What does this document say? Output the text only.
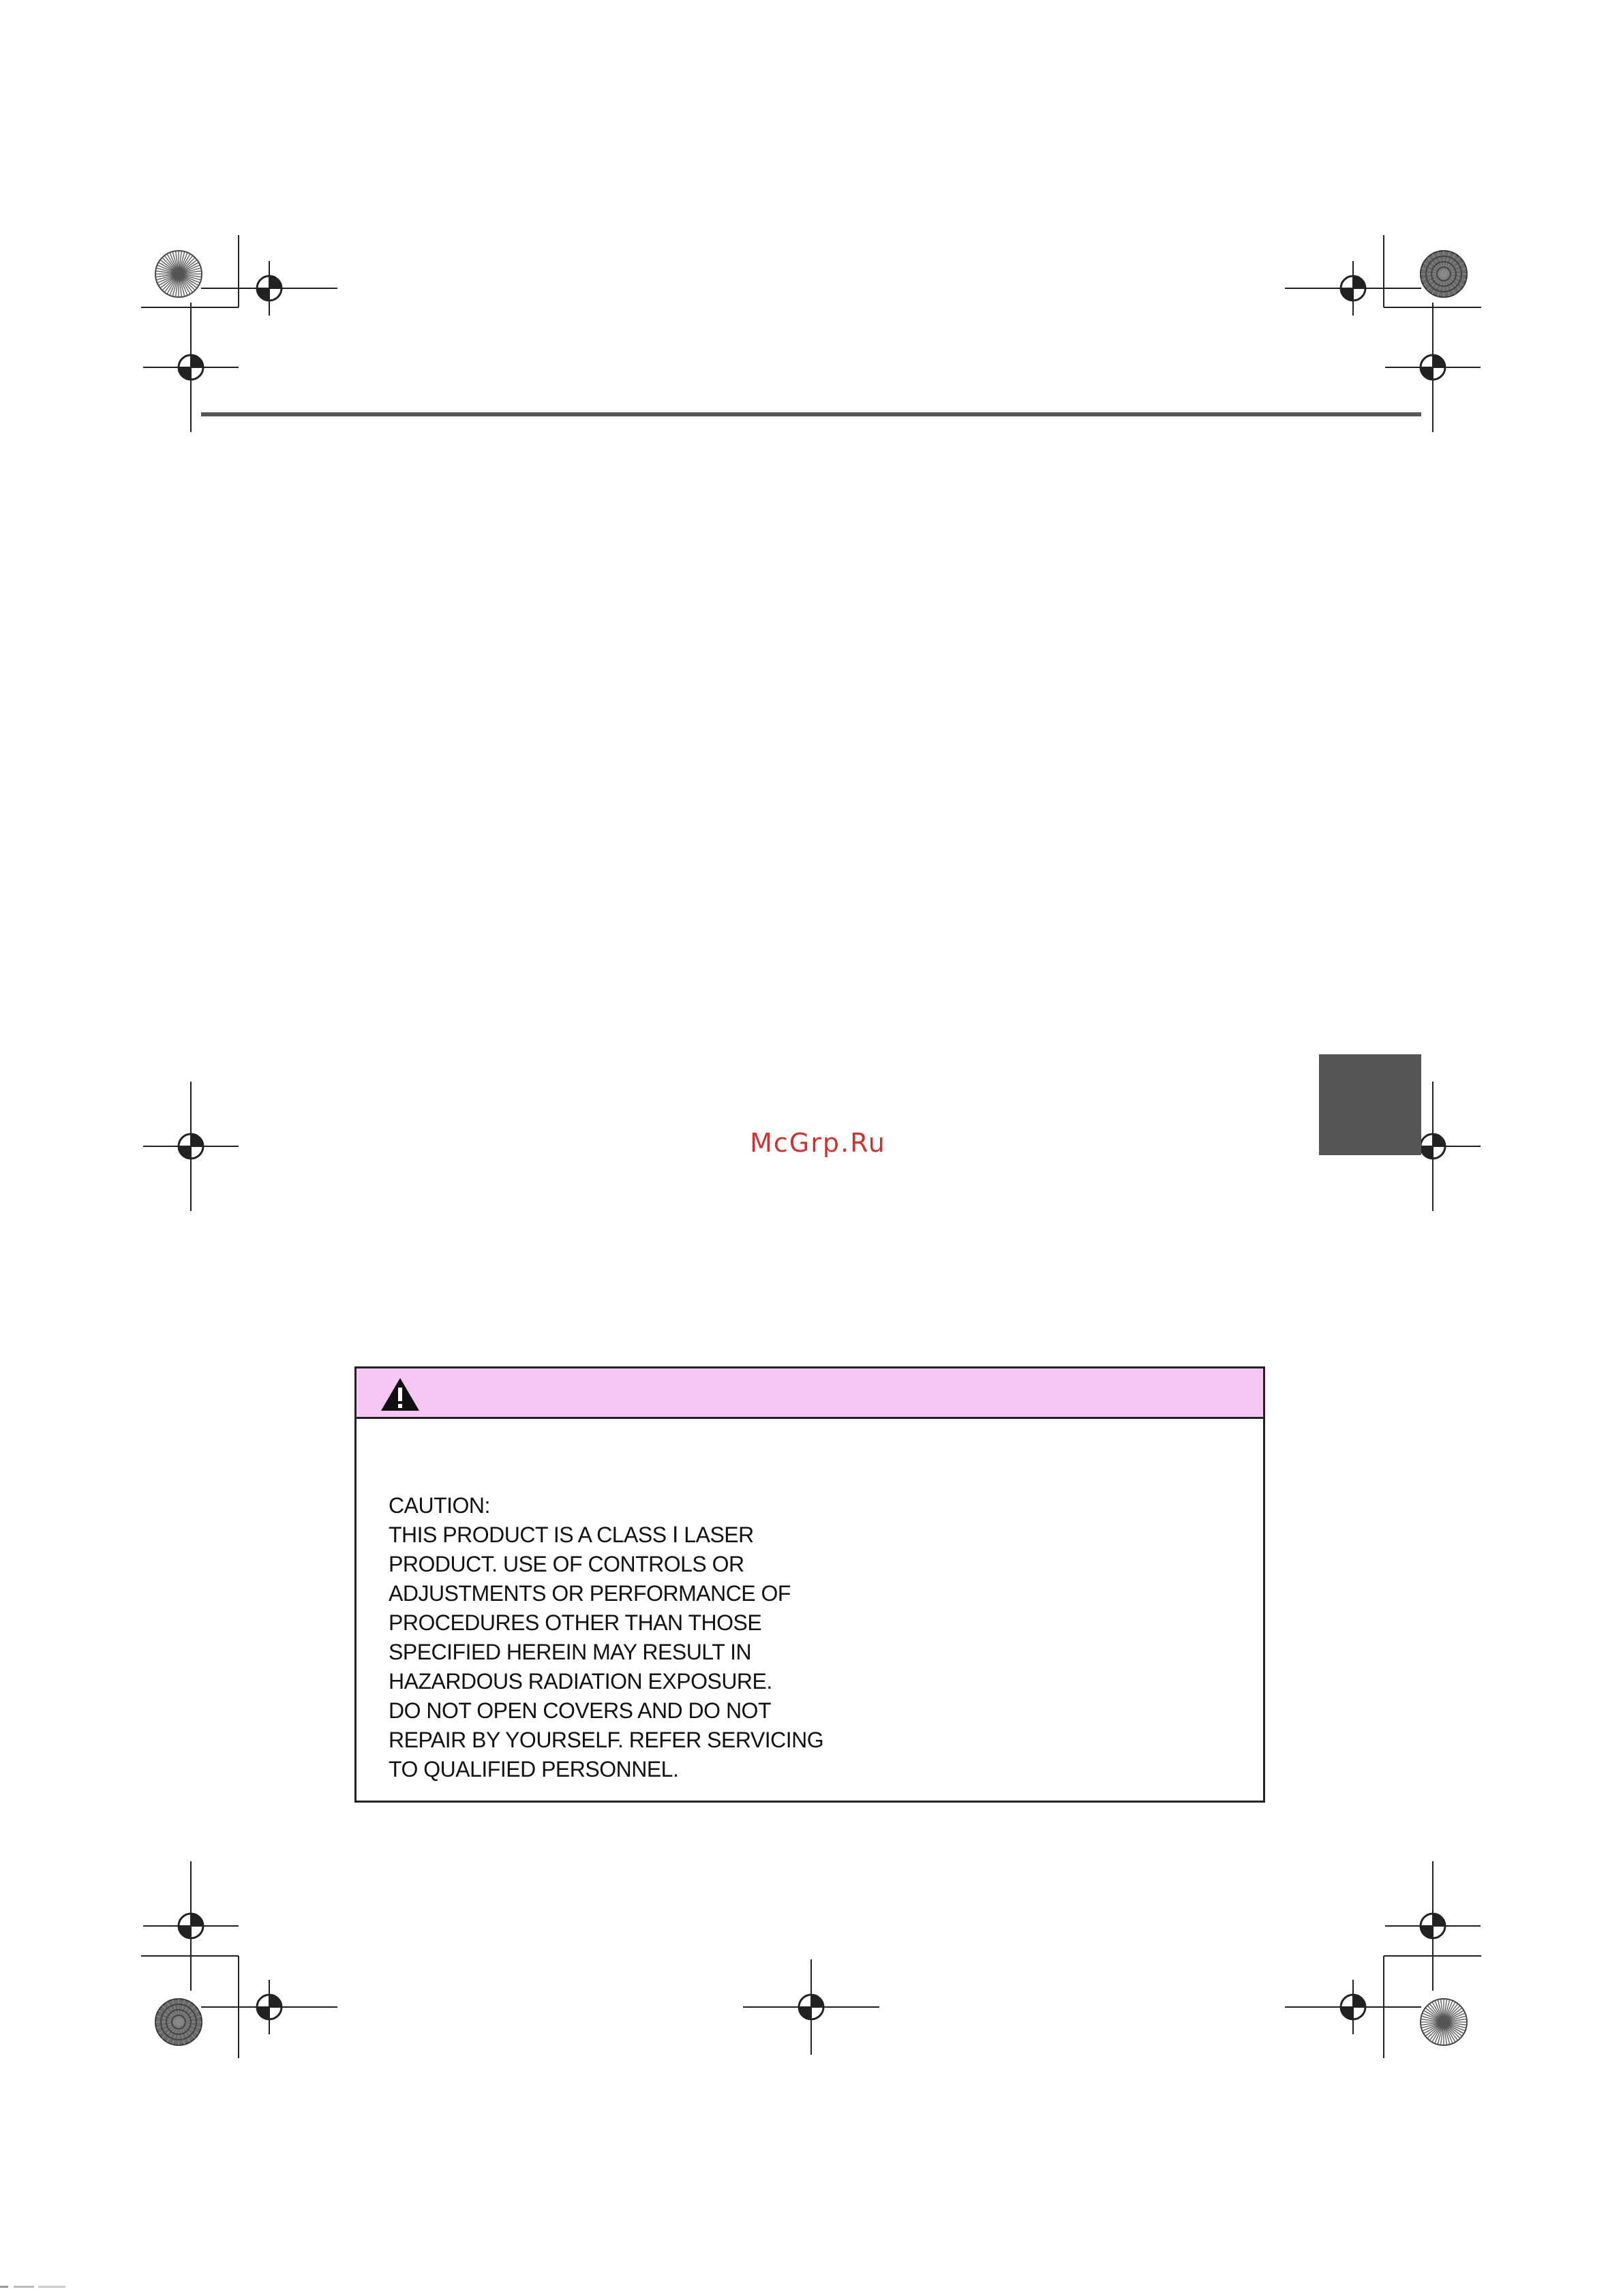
McGrp.Ru
CAUTION:
THIS PRODUCT IS A CLASS Ⅰ LASER
PRODUCT. USE OF CONTROLS OR
ADJUSTMENTS OR PERFORMANCE OF
PROCEDURES OTHER THAN THOSE
SPECIFIED HEREIN MAY RESULT IN
HAZARDOUS RADIATION EXPOSURE.
DO NOT OPEN COVERS AND DO NOT
REPAIR BY YOURSELF. REFER SERVICING
TO QUALIFIED PERSONNEL.
